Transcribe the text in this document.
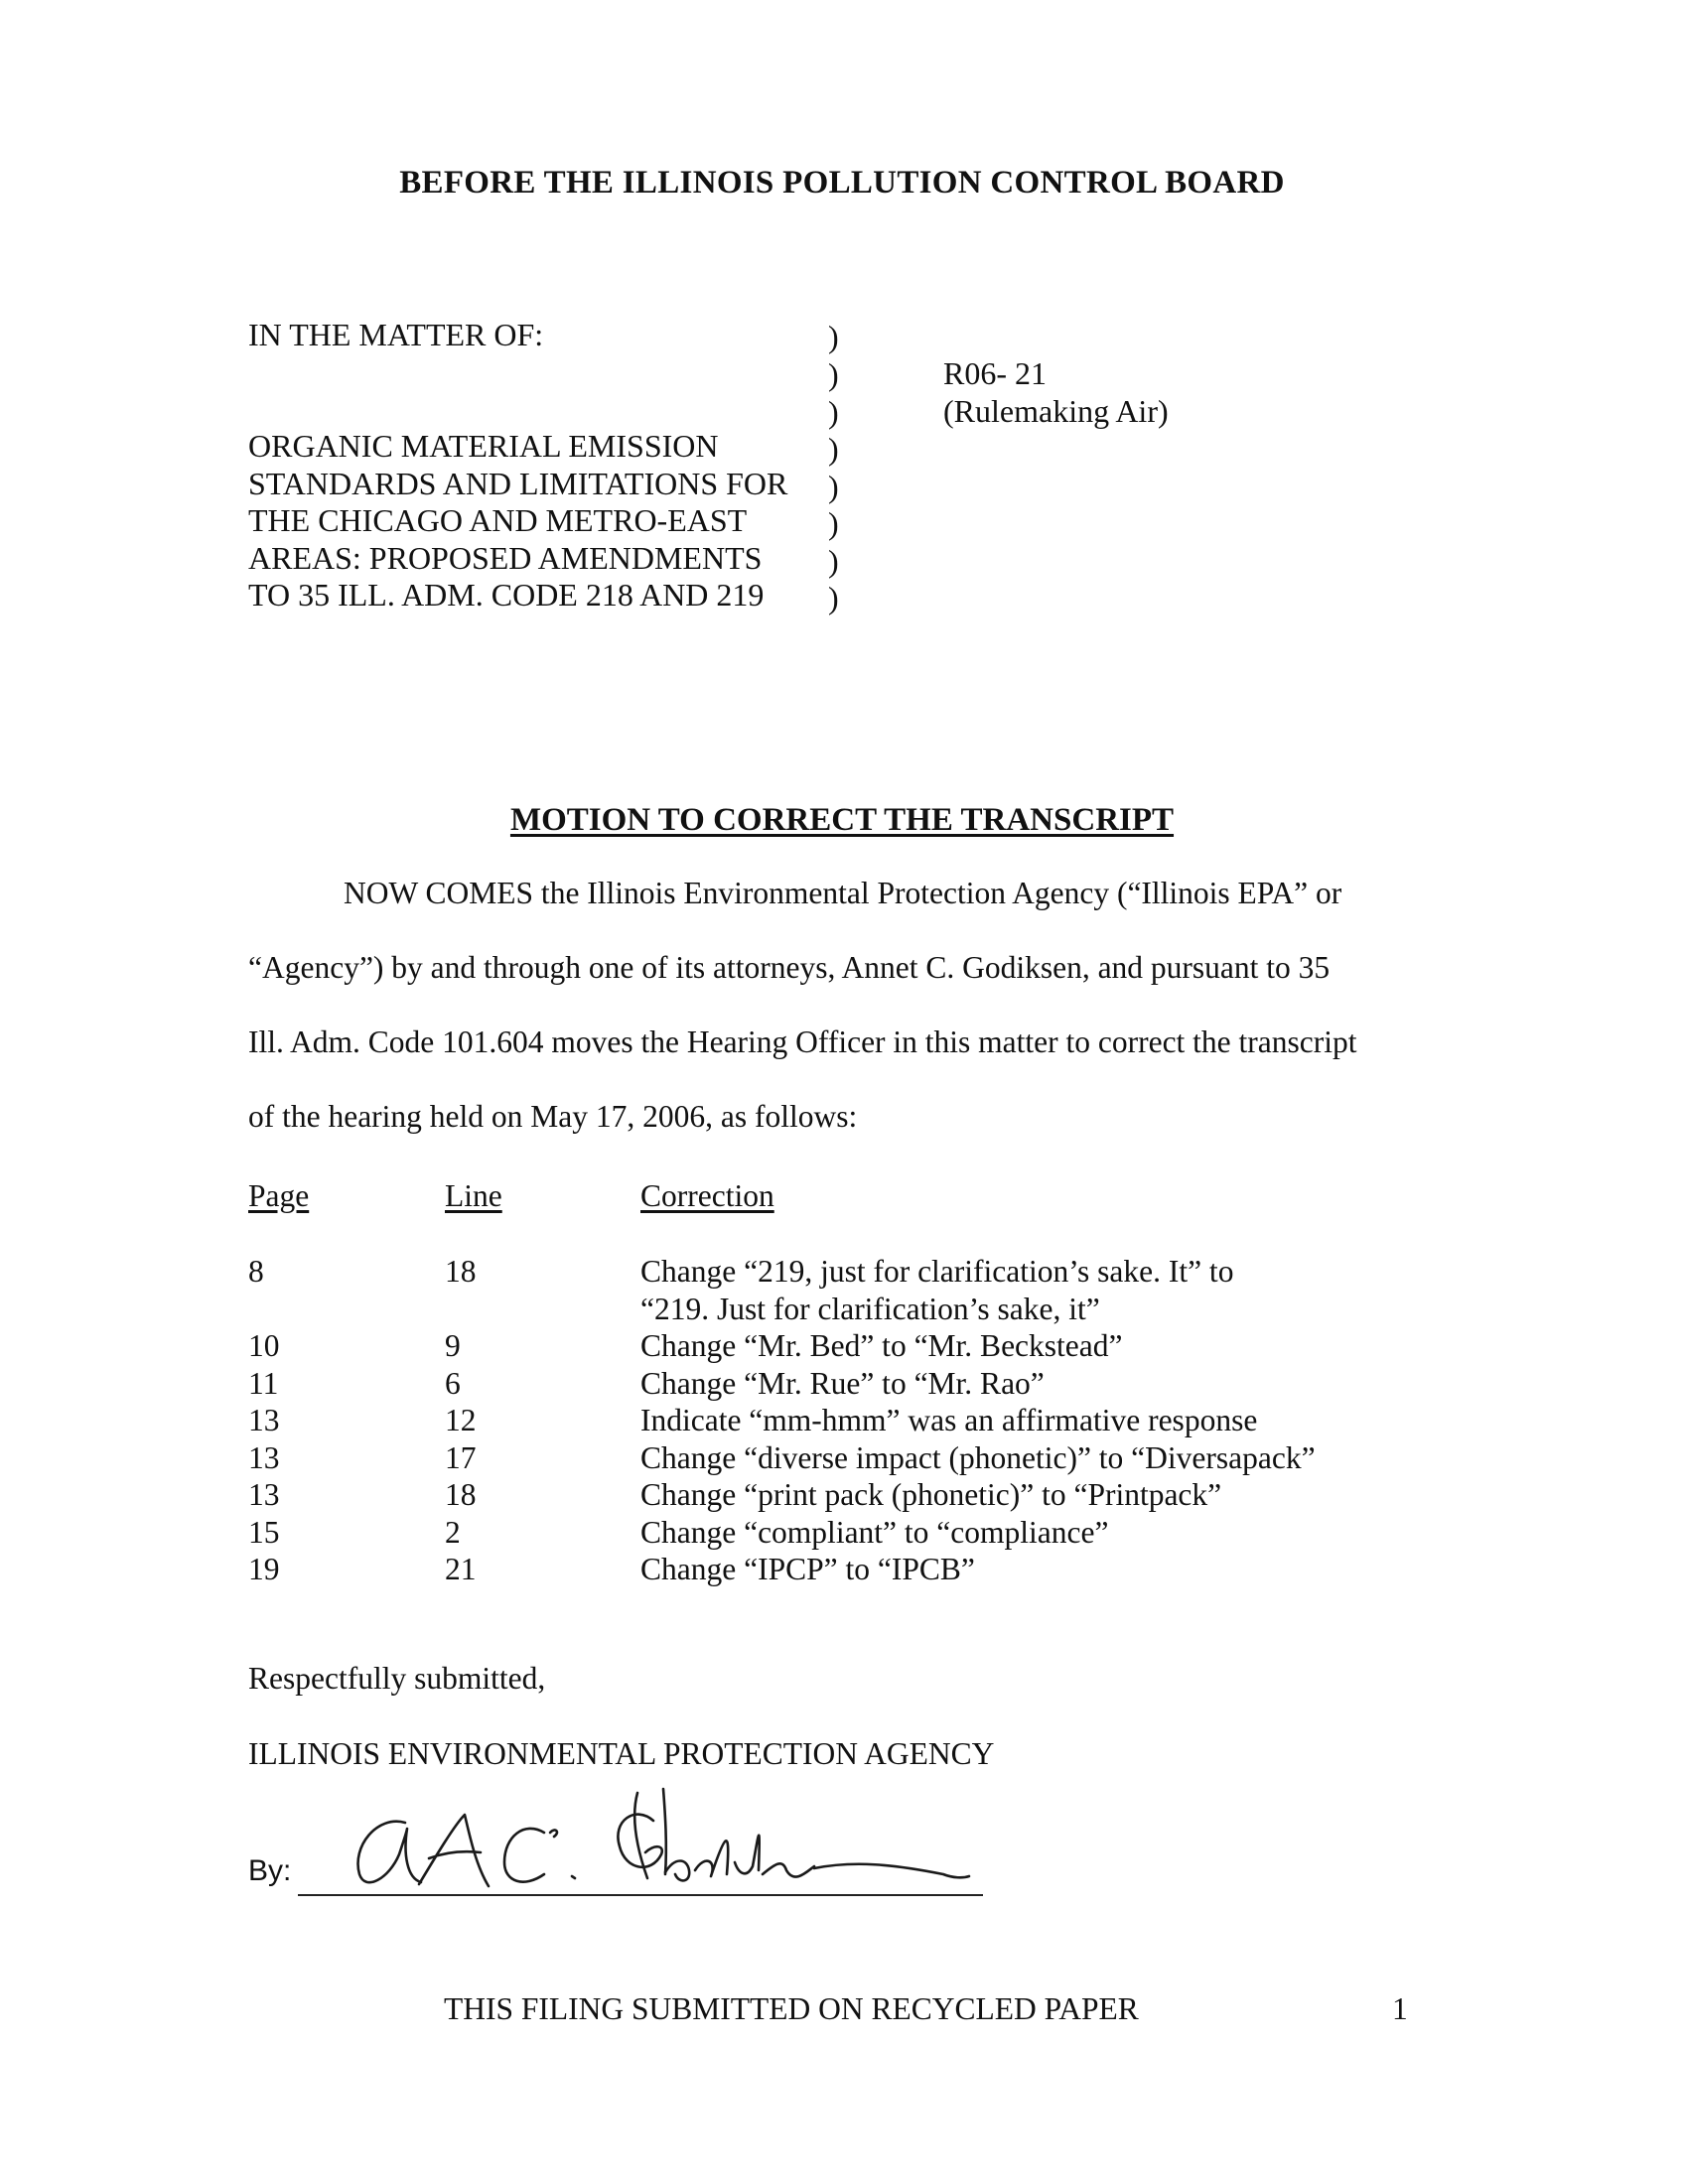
BEFORE THE ILLINOIS POLLUTION CONTROL BOARD
IN THE MATTER OF:
ORGANIC MATERIAL EMISSION
STANDARDS AND LIMITATIONS FOR
THE CHICAGO AND METRO-EAST
AREAS: PROPOSED AMENDMENTS
TO 35 ILL. ADM. CODE 218 AND 219
)
)
)
)
)
)
)
)
R06- 21
(Rulemaking Air)
MOTION TO CORRECT THE TRANSCRIPT
NOW COMES the Illinois Environmental Protection Agency (“Illinois EPA” or
“Agency”) by and through one of its attorneys, Annet C. Godiksen, and pursuant to 35
Ill. Adm. Code 101.604 moves the Hearing Officer in this matter to correct the transcript
of the hearing held on May 17, 2006, as follows:
Page	Line	Correction
8	18	Change “219, just for clarification’s sake. It” to
“219. Just for clarification’s sake, it”
10	9	Change “Mr. Bed” to “Mr. Beckstead”
11	6	Change “Mr. Rue” to “Mr. Rao”
13	12	Indicate “mm-hmm” was an affirmative response
13	17	Change “diverse impact (phonetic)” to “Diversapack”
13	18	Change “print pack (phonetic)” to “Printpack”
15	2	Change “compliant” to “compliance”
19	21	Change “IPCP” to “IPCB”
Respectfully submitted,
ILLINOIS ENVIRONMENTAL PROTECTION AGENCY
By:
THIS FILING SUBMITTED ON RECYCLED PAPER	1
